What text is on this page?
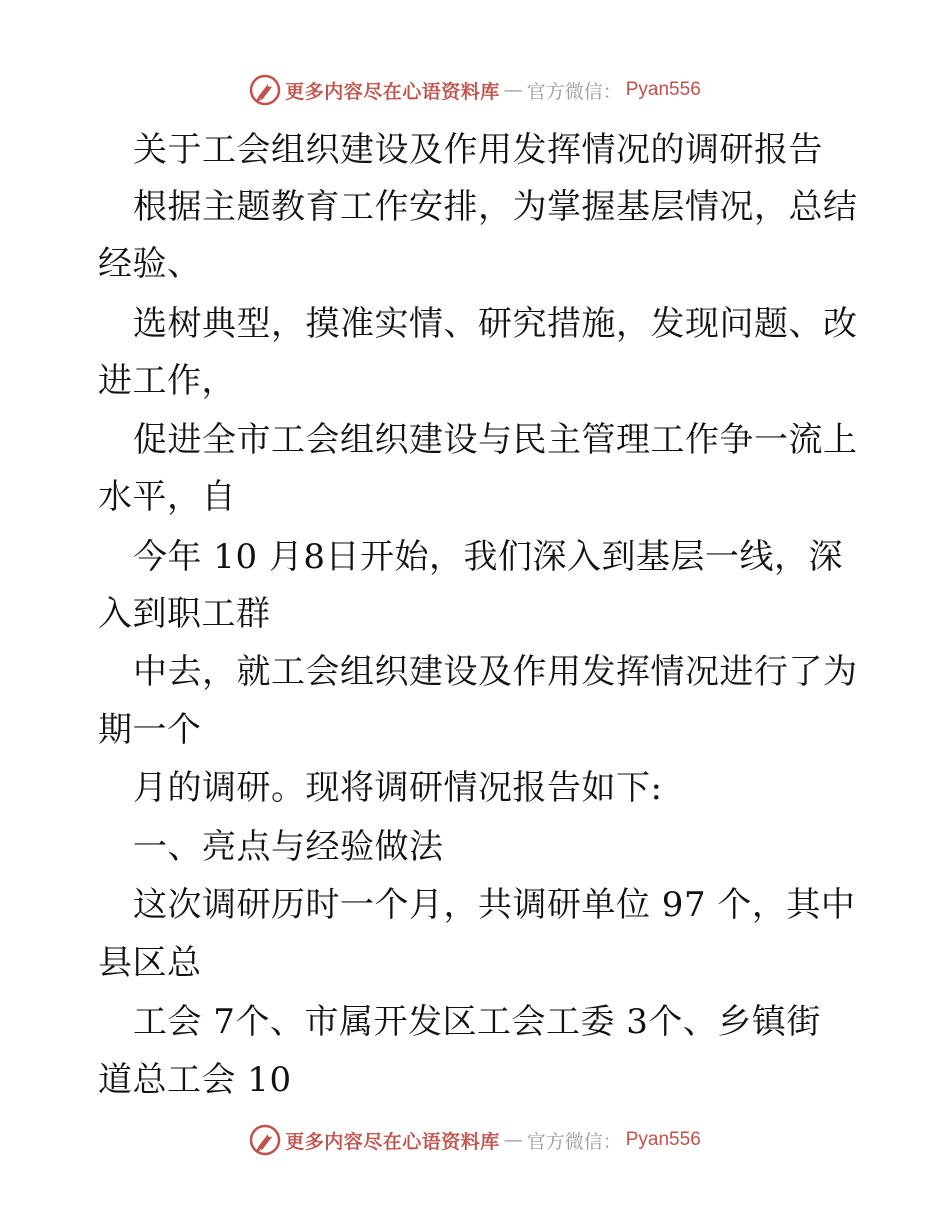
更多内容尽在心语资料库 — 官方微信： Pyan556
关于工会组织建设及作用发挥情况的调研报告
根据主题教育工作安排，为掌握基层情况，总结
经验、
选树典型，摸准实情、研究措施，发现问题、改
进工作，
促进全市工会组织建设与民主管理工作争一流上
水平，自
今年 10 月8日开始，我们深入到基层一线，深
入到职工群
中去，就工会组织建设及作用发挥情况进行了为
期一个
月的调研。现将调研情况报告如下:
一、亮点与经验做法
这次调研历时一个月，共调研单位 97 个，其中
县区总
工会 7个、市属开发区工会工委 3个、乡镇街
道总工会 10
更多内容尽在心语资料库 — 官方微信： Pyan556
